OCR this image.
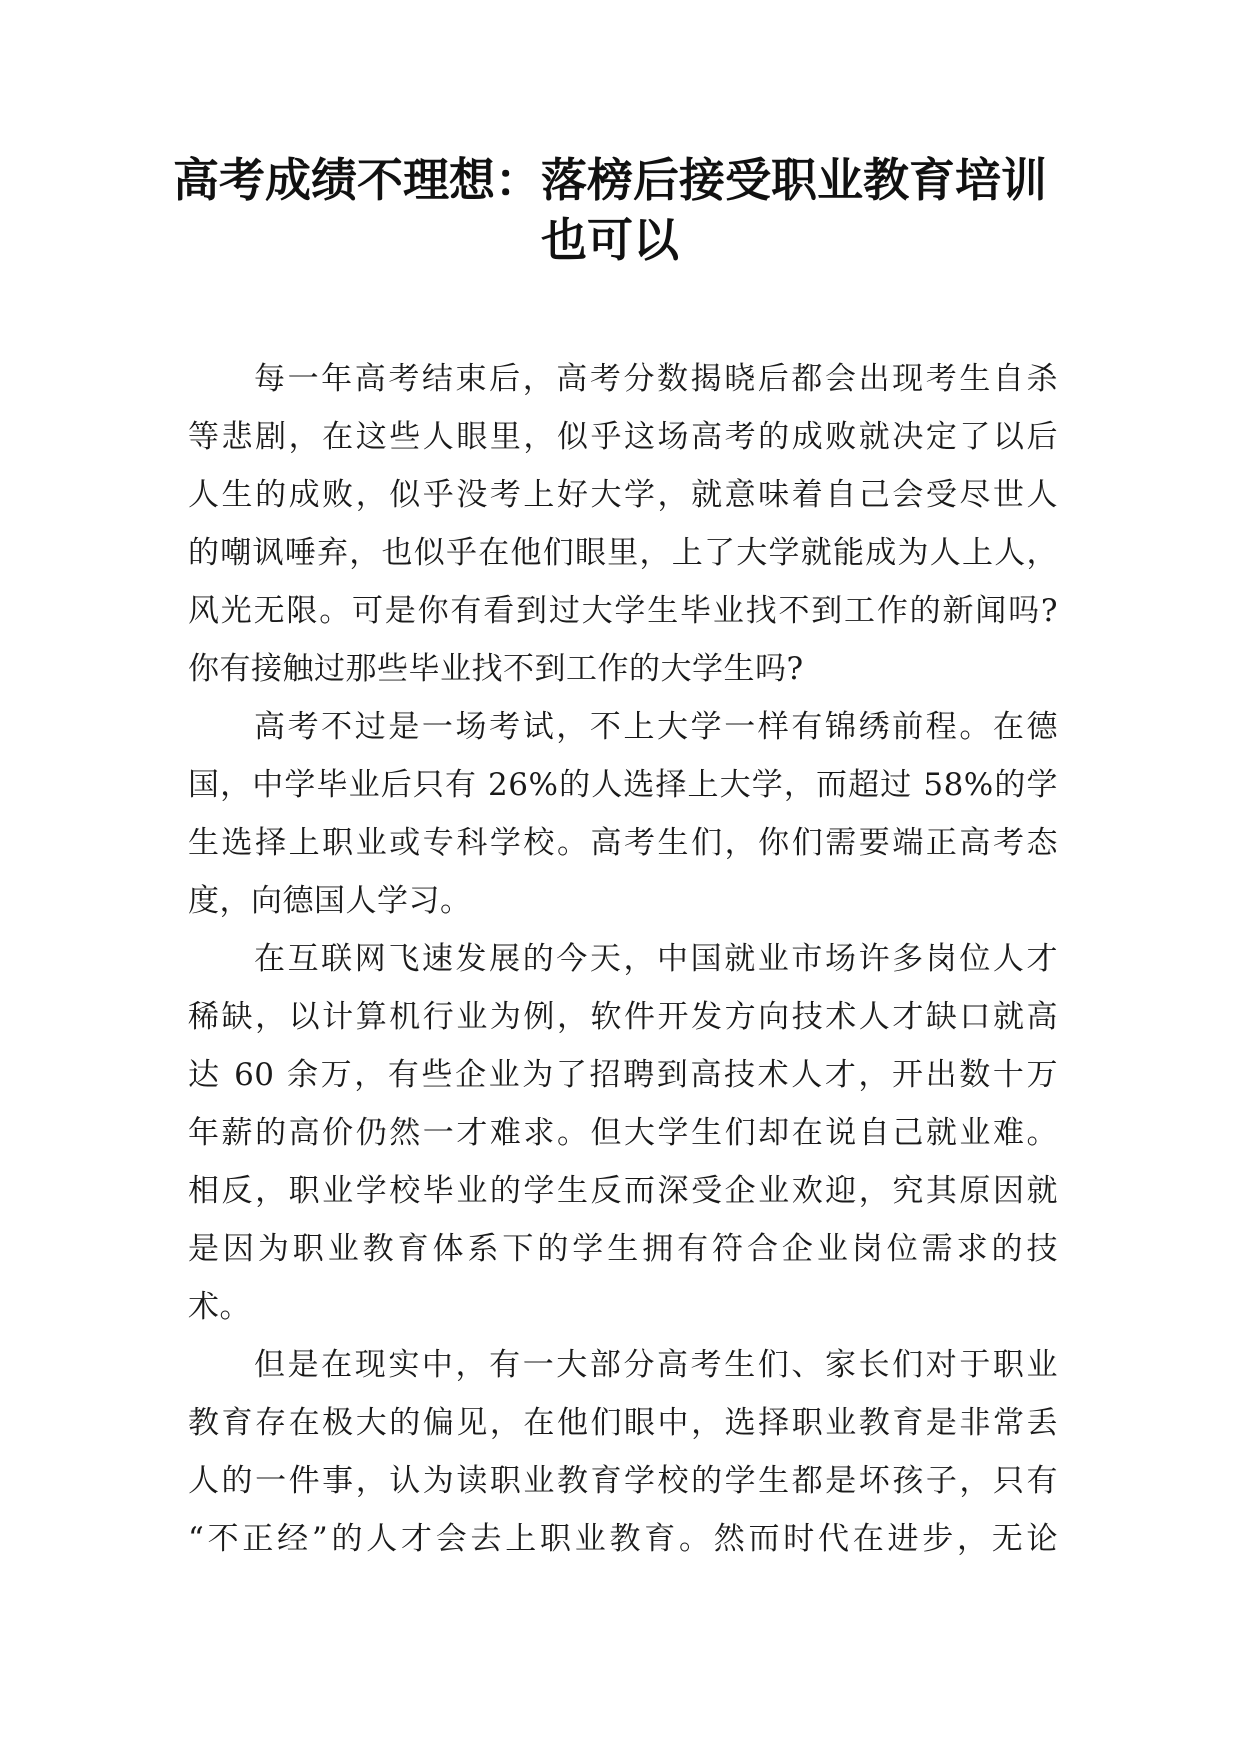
高考成绩不理想：落榜后接受职业教育培训
也可以
每一年高考结束后，高考分数揭晓后都会出现考生自杀
等悲剧，在这些人眼里，似乎这场高考的成败就决定了以后
人生的成败，似乎没考上好大学，就意味着自己会受尽世人
的嘲讽唾弃，也似乎在他们眼里，上了大学就能成为人上人，
风光无限。可是你有看到过大学生毕业找不到工作的新闻吗?
你有接触过那些毕业找不到工作的大学生吗?
高考不过是一场考试，不上大学一样有锦绣前程。在德
国，中学毕业后只有 26%的人选择上大学，而超过 58%的学
生选择上职业或专科学校。高考生们，你们需要端正高考态
度，向德国人学习。
在互联网飞速发展的今天，中国就业市场许多岗位人才
稀缺，以计算机行业为例，软件开发方向技术人才缺口就高
达 60 余万，有些企业为了招聘到高技术人才，开出数十万
年薪的高价仍然一才难求。但大学生们却在说自己就业难。
相反，职业学校毕业的学生反而深受企业欢迎，究其原因就
是因为职业教育体系下的学生拥有符合企业岗位需求的技
术。
但是在现实中，有一大部分高考生们、家长们对于职业
教育存在极大的偏见，在他们眼中，选择职业教育是非常丢
人的一件事，认为读职业教育学校的学生都是坏孩子，只有
“不正经”的人才会去上职业教育。然而时代在进步，无论
